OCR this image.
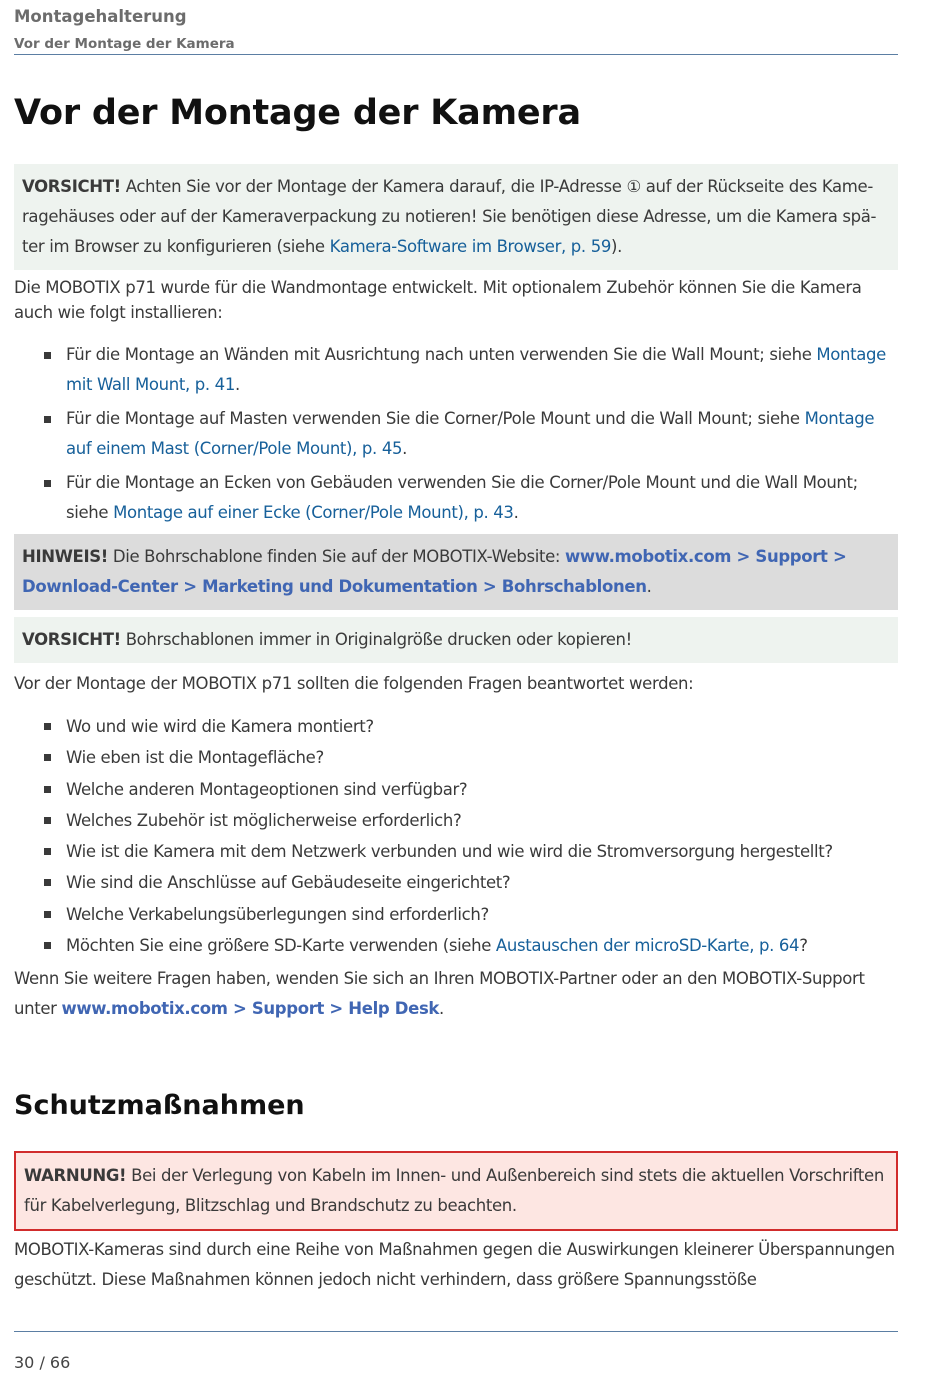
Montagehalterung
Vor der Montage der Kamera
Vor der Montage der Kamera
VORSICHT! Achten Sie vor der Montage der Kamera darauf, die IP-Adresse ① auf der Rückseite des Kameragehäuses oder auf der Kameraverpackung zu notieren! Sie benötigen diese Adresse, um die Kamera später im Browser zu konfigurieren (siehe Kamera-Software im Browser, p. 59).
Die MOBOTIX p71 wurde für die Wandmontage entwickelt. Mit optionalem Zubehör können Sie die Kamera auch wie folgt installieren:
Für die Montage an Wänden mit Ausrichtung nach unten verwenden Sie die Wall Mount; siehe Montage mit Wall Mount, p. 41.
Für die Montage auf Masten verwenden Sie die Corner/Pole Mount und die Wall Mount; siehe Montage auf einem Mast (Corner/Pole Mount), p. 45.
Für die Montage an Ecken von Gebäuden verwenden Sie die Corner/Pole Mount und die Wall Mount; siehe Montage auf einer Ecke (Corner/Pole Mount), p. 43.
HINWEIS! Die Bohrschablone finden Sie auf der MOBOTIX-Website: www.mobotix.com > Support > Download-Center > Marketing und Dokumentation > Bohrschablonen.
VORSICHT! Bohrschablonen immer in Originalgröße drucken oder kopieren!
Vor der Montage der MOBOTIX p71 sollten die folgenden Fragen beantwortet werden:
Wo und wie wird die Kamera montiert?
Wie eben ist die Montagefläche?
Welche anderen Montageoptionen sind verfügbar?
Welches Zubehör ist möglicherweise erforderlich?
Wie ist die Kamera mit dem Netzwerk verbunden und wie wird die Stromversorgung hergestellt?
Wie sind die Anschlüsse auf Gebäudeseite eingerichtet?
Welche Verkabelungsüberlegungen sind erforderlich?
Möchten Sie eine größere SD-Karte verwenden (siehe Austauschen der microSD-Karte, p. 64?
Wenn Sie weitere Fragen haben, wenden Sie sich an Ihren MOBOTIX-Partner oder an den MOBOTIX-Support unter www.mobotix.com > Support > Help Desk.
Schutzmaßnahmen
WARNUNG! Bei der Verlegung von Kabeln im Innen- und Außenbereich sind stets die aktuellen Vorschriften für Kabelverlegung, Blitzschlag und Brandschutz zu beachten.
MOBOTIX-Kameras sind durch eine Reihe von Maßnahmen gegen die Auswirkungen kleinerer Überspannungen geschützt. Diese Maßnahmen können jedoch nicht verhindern, dass größere Spannungsstöße
30 / 66
